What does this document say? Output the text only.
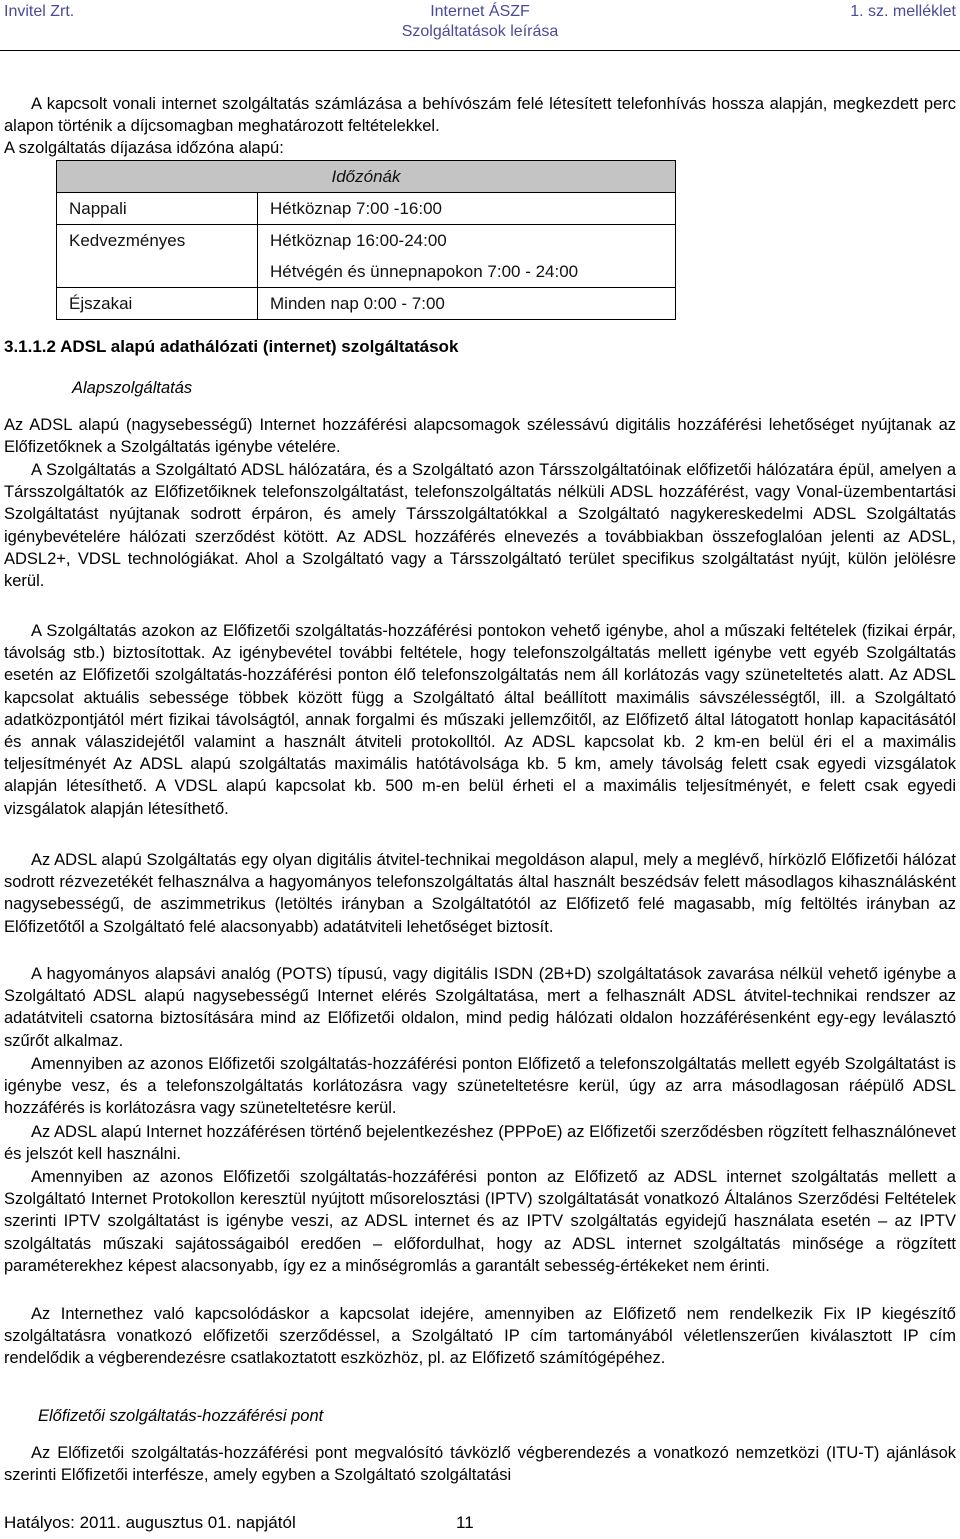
Invitel Zrt.	Internet ÁSZF
Szolgáltatások leírása
1. sz. melléklet

A kapcsolt vonali internet szolgáltatás számlázása a behívószám felé létesített telefonhívás hossza alapján, megkezdett perc alapon történik a díjcsomagban meghatározott feltételekkel.

A szolgáltatás díjazása időzóna alapú:

Időzónák	
Nappali	Hétköznap 7:00 -16:00
Kedvezményes	Hétköznap 16:00-24:00
	Hétvégén és ünnepnapokon 7:00 - 24:00
Éjszakai	Minden nap 0:00 - 7:00
3.1.1.2 ADSL alapú adathálózati (internet) szolgáltatások
Alapszolgáltatás

Az ADSL alapú (nagysebességű) Internet hozzáférési alapcsomagok szélessávú digitális hozzáférési lehetőséget nyújtanak az Előfizetőknek a Szolgáltatás igénybe vételére.

A Szolgáltatás a Szolgáltató ADSL hálózatára, és a Szolgáltató azon Társszolgáltatóinak előfizetői hálózatára épül, amelyen a Társszolgáltatók az Előfizetőiknek telefonszolgáltatást, telefonszolgáltatás nélküli ADSL hozzáférést, vagy Vonal-üzembentartási Szolgáltatást nyújtanak sodrott érpáron, és amely Társszolgáltatókkal a Szolgáltató nagykereskedelmi ADSL Szolgáltatás igénybevételére hálózati szerződést kötött. Az ADSL hozzáférés elnevezés a továbbiakban összefoglalóan jelenti az ADSL, ADSL2+, VDSL technológiákat. Ahol a Szolgáltató vagy a Társszolgáltató terület specifikus szolgáltatást nyújt, külön jelölésre kerül.

A Szolgáltatás azokon az Előfizetői szolgáltatás-hozzáférési pontokon vehető igénybe, ahol a műszaki feltételek (fizikai érpár, távolság stb.) biztosítottak. Az igénybevétel további feltétele, hogy telefonszolgáltatás mellett igénybe vett egyéb Szolgáltatás esetén az Előfizetői szolgáltatás-hozzáférési ponton élő telefonszolgáltatás nem áll korlátozás vagy szüneteltetés alatt. Az ADSL kapcsolat aktuális sebessége többek között függ a Szolgáltató által beállított maximális sávszélességtől, ill. a Szolgáltató adatközpontjától mért fizikai távolságtól, annak forgalmi és műszaki jellemzőitől, az Előfizető által látogatott honlap kapacitásától és annak válaszidejétől valamint a használt átviteli protokolltól. Az ADSL kapcsolat kb. 2 km-en belül éri el a maximális teljesítményét Az ADSL alapú szolgáltatás maximális hatótávolsága kb. 5 km, amely távolság felett csak egyedi vizsgálatok alapján létesíthető. A VDSL alapú kapcsolat kb. 500 m-en belül érheti el a maximális teljesítményét, e felett csak egyedi vizsgálatok alapján létesíthető.

Az ADSL alapú Szolgáltatás egy olyan digitális átvitel-technikai megoldáson alapul, mely a meglévő, hírközlő Előfizetői hálózat sodrott rézvezetékét felhasználva a hagyományos telefonszolgáltatás által használt beszédsáv felett másodlagos kihasználásként nagysebességű, de aszimmetrikus (letöltés irányban a Szolgáltatótól az Előfizető felé magasabb, míg feltöltés irányban az Előfizetőtől a Szolgáltató felé alacsonyabb) adatátviteli lehetőséget biztosít.

A hagyományos alapsávi analóg (POTS) típusú, vagy digitális ISDN (2B+D) szolgáltatások zavarása nélkül vehető igénybe a Szolgáltató ADSL alapú nagysebességű Internet elérés Szolgáltatása, mert a felhasznált ADSL átvitel-technikai rendszer az adatátviteli csatorna biztosítására mind az Előfizetői oldalon, mind pedig hálózati oldalon hozzáférésenként egy-egy leválasztó szűrőt alkalmaz.

Amennyiben az azonos Előfizetői szolgáltatás-hozzáférési ponton Előfizető a telefonszolgáltatás mellett egyéb Szolgáltatást is igénybe vesz, és a telefonszolgáltatás korlátozásra vagy szüneteltetésre kerül, úgy az arra másodlagosan ráépülő ADSL hozzáférés is korlátozásra vagy szüneteltetésre kerül.

Az ADSL alapú Internet hozzáférésen történő bejelentkezéshez (PPPoE) az Előfizetői szerződésben rögzített felhasználónevet és jelszót kell használni.

Amennyiben az azonos Előfizetői szolgáltatás-hozzáférési ponton az Előfizető az ADSL internet szolgáltatás mellett a Szolgáltató Internet Protokollon keresztül nyújtott műsorelosztási (IPTV) szolgáltatását vonatkozó Általános Szerződési Feltételek szerinti IPTV szolgáltatást is igénybe veszi, az ADSL internet és az IPTV szolgáltatás egyidejű használata esetén – az IPTV szolgáltatás műszaki sajátosságaiból eredően – előfordulhat, hogy az ADSL internet szolgáltatás minősége a rögzített paraméterekhez képest alacsonyabb, így ez a minőségromlás a garantált sebesség-értékeket nem érinti.

Az Internethez való kapcsolódáskor a kapcsolat idejére, amennyiben az Előfizető nem rendelkezik Fix IP kiegészítő szolgáltatásra vonatkozó előfizetői szerződéssel, a Szolgáltató IP cím tartományából véletlenszerűen kiválasztott IP cím rendelődik a végberendezésre csatlakoztatott eszközhöz, pl. az Előfizető számítógépéhez.

Előfizetői szolgáltatás-hozzáférési pont

Az Előfizetői szolgáltatás-hozzáférési pont megvalósító távközlő végberendezés a vonatkozó nemzetközi (ITU-T) ajánlások szerinti Előfizetői interfésze, amely egyben a Szolgáltató szolgáltatási

Hatályos: 2011. augusztus 01. napjától	11
